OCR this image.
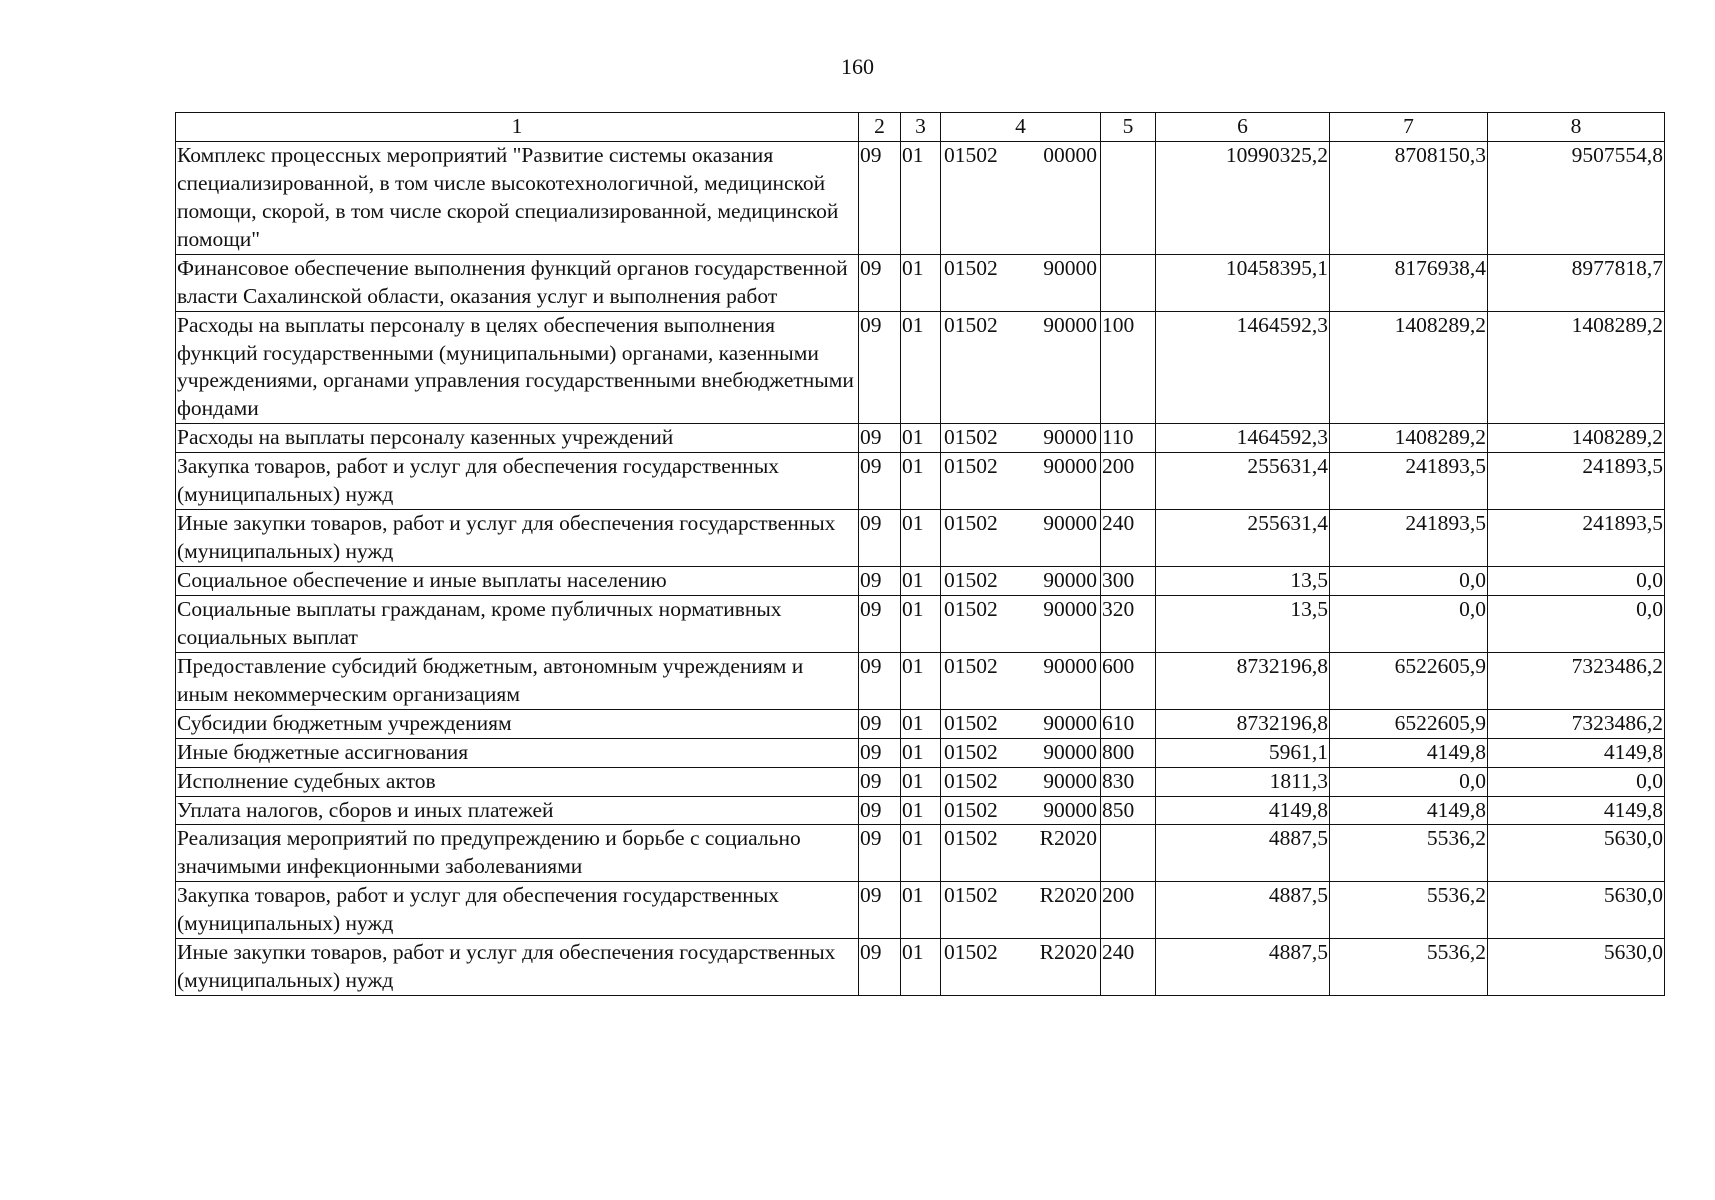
160
1	2	3	4	5	6	7	8
Комплекс процессных мероприятий "Развитие системы оказания специализированной, в том числе высокотехнологичной, медицинской помощи, скорой, в том числе скорой специализированной, медицинской помощи"	09	01	01502 00000		10990325,2	8708150,3	9507554,8
Финансовое обеспечение выполнения функций органов государственной власти Сахалинской области, оказания услуг и выполнения работ	09	01	01502 90000		10458395,1	8176938,4	8977818,7
Расходы на выплаты персоналу в целях обеспечения выполнения функций государственными (муниципальными) органами, казенными учреждениями, органами управления государственными внебюджетными фондами	09	01	01502 90000	100	1464592,3	1408289,2	1408289,2
Расходы на выплаты персоналу казенных учреждений	09	01	01502 90000	110	1464592,3	1408289,2	1408289,2
Закупка товаров, работ и услуг для обеспечения государственных (муниципальных) нужд	09	01	01502 90000	200	255631,4	241893,5	241893,5
Иные закупки товаров, работ и услуг для обеспечения государственных (муниципальных) нужд	09	01	01502 90000	240	255631,4	241893,5	241893,5
Социальное обеспечение и иные выплаты населению	09	01	01502 90000	300	13,5	0,0	0,0
Социальные выплаты гражданам, кроме публичных нормативных социальных выплат	09	01	01502 90000	320	13,5	0,0	0,0
Предоставление субсидий бюджетным, автономным учреждениям и иным некоммерческим организациям	09	01	01502 90000	600	8732196,8	6522605,9	7323486,2
Субсидии бюджетным учреждениям	09	01	01502 90000	610	8732196,8	6522605,9	7323486,2
Иные бюджетные ассигнования	09	01	01502 90000	800	5961,1	4149,8	4149,8
Исполнение судебных актов	09	01	01502 90000	830	1811,3	0,0	0,0
Уплата налогов, сборов и иных платежей	09	01	01502 90000	850	4149,8	4149,8	4149,8
Реализация мероприятий по предупреждению и борьбе с социально значимыми инфекционными заболеваниями	09	01	01502 R2020		4887,5	5536,2	5630,0
Закупка товаров, работ и услуг для обеспечения государственных (муниципальных) нужд	09	01	01502 R2020	200	4887,5	5536,2	5630,0
Иные закупки товаров, работ и услуг для обеспечения государственных (муниципальных) нужд	09	01	01502 R2020	240	4887,5	5536,2	5630,0
